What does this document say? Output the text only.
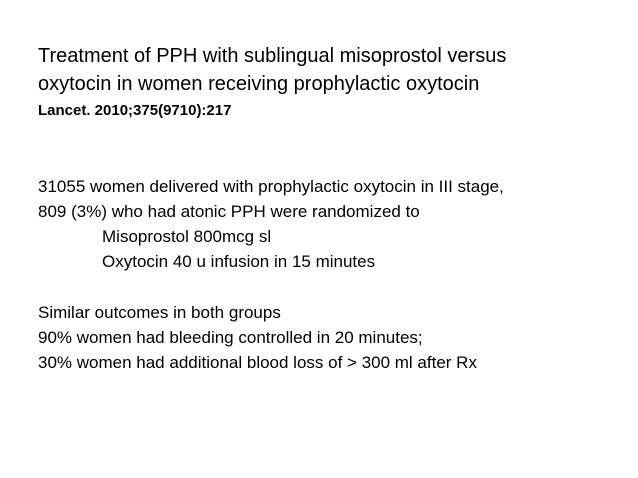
Treatment of PPH with sublingual misoprostol versus
oxytocin in women receiving prophylactic oxytocin
Lancet. 2010;375(9710):217
31055 women delivered with prophylactic oxytocin in III stage,
809 (3%) who had atonic PPH were randomized to
Misoprostol 800mcg sl
Oxytocin 40 u infusion in 15 minutes
Similar outcomes in both groups
90% women had bleeding controlled in 20 minutes;
30% women had additional blood loss of > 300 ml after Rx
